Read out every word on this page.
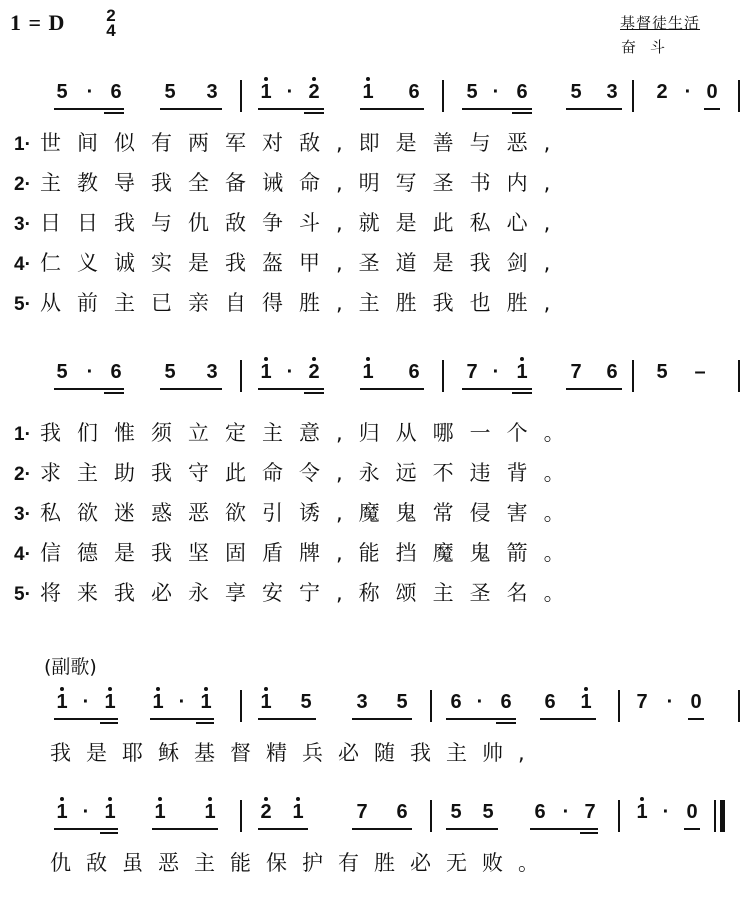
1 = D 2
4	基督徒生活
奋斗
5 · 6 5 3 1 · 2 1 6 5 · 6 5 3 2 · 0
1· 世间似有两军对敌,即是善与恶,
2· 主教导我全备诫命,明写圣书内,
3· 日日我与仇敌争斗,就是此私心,
4· 仁义诚实是我盔甲,圣道是我剑,
5· 从前主已亲自得胜,主胜我也胜,
5 · 6 5 3 1 · 2 1 6 7 · 1 7 6 5 –
1· 我们惟须立定主意,归从哪一个。
2· 求主助我守此命令,永远不违背。
3· 私欲迷惑恶欲引诱,魔鬼常侵害。
4· 信德是我坚固盾牌,能挡魔鬼箭。
5· 将来我必永享安宁,称颂主圣名。
(副歌)
1 · 1 1 · 1 1 5 3 5 6 · 6 6 1 7 · 0
我是耶稣基督精兵必随我主帅,
1 · 1 1 1 2 1	7 6 5 5 6 · 7 1 · 0
仇敌虽恶主能保护有胜必无败。
